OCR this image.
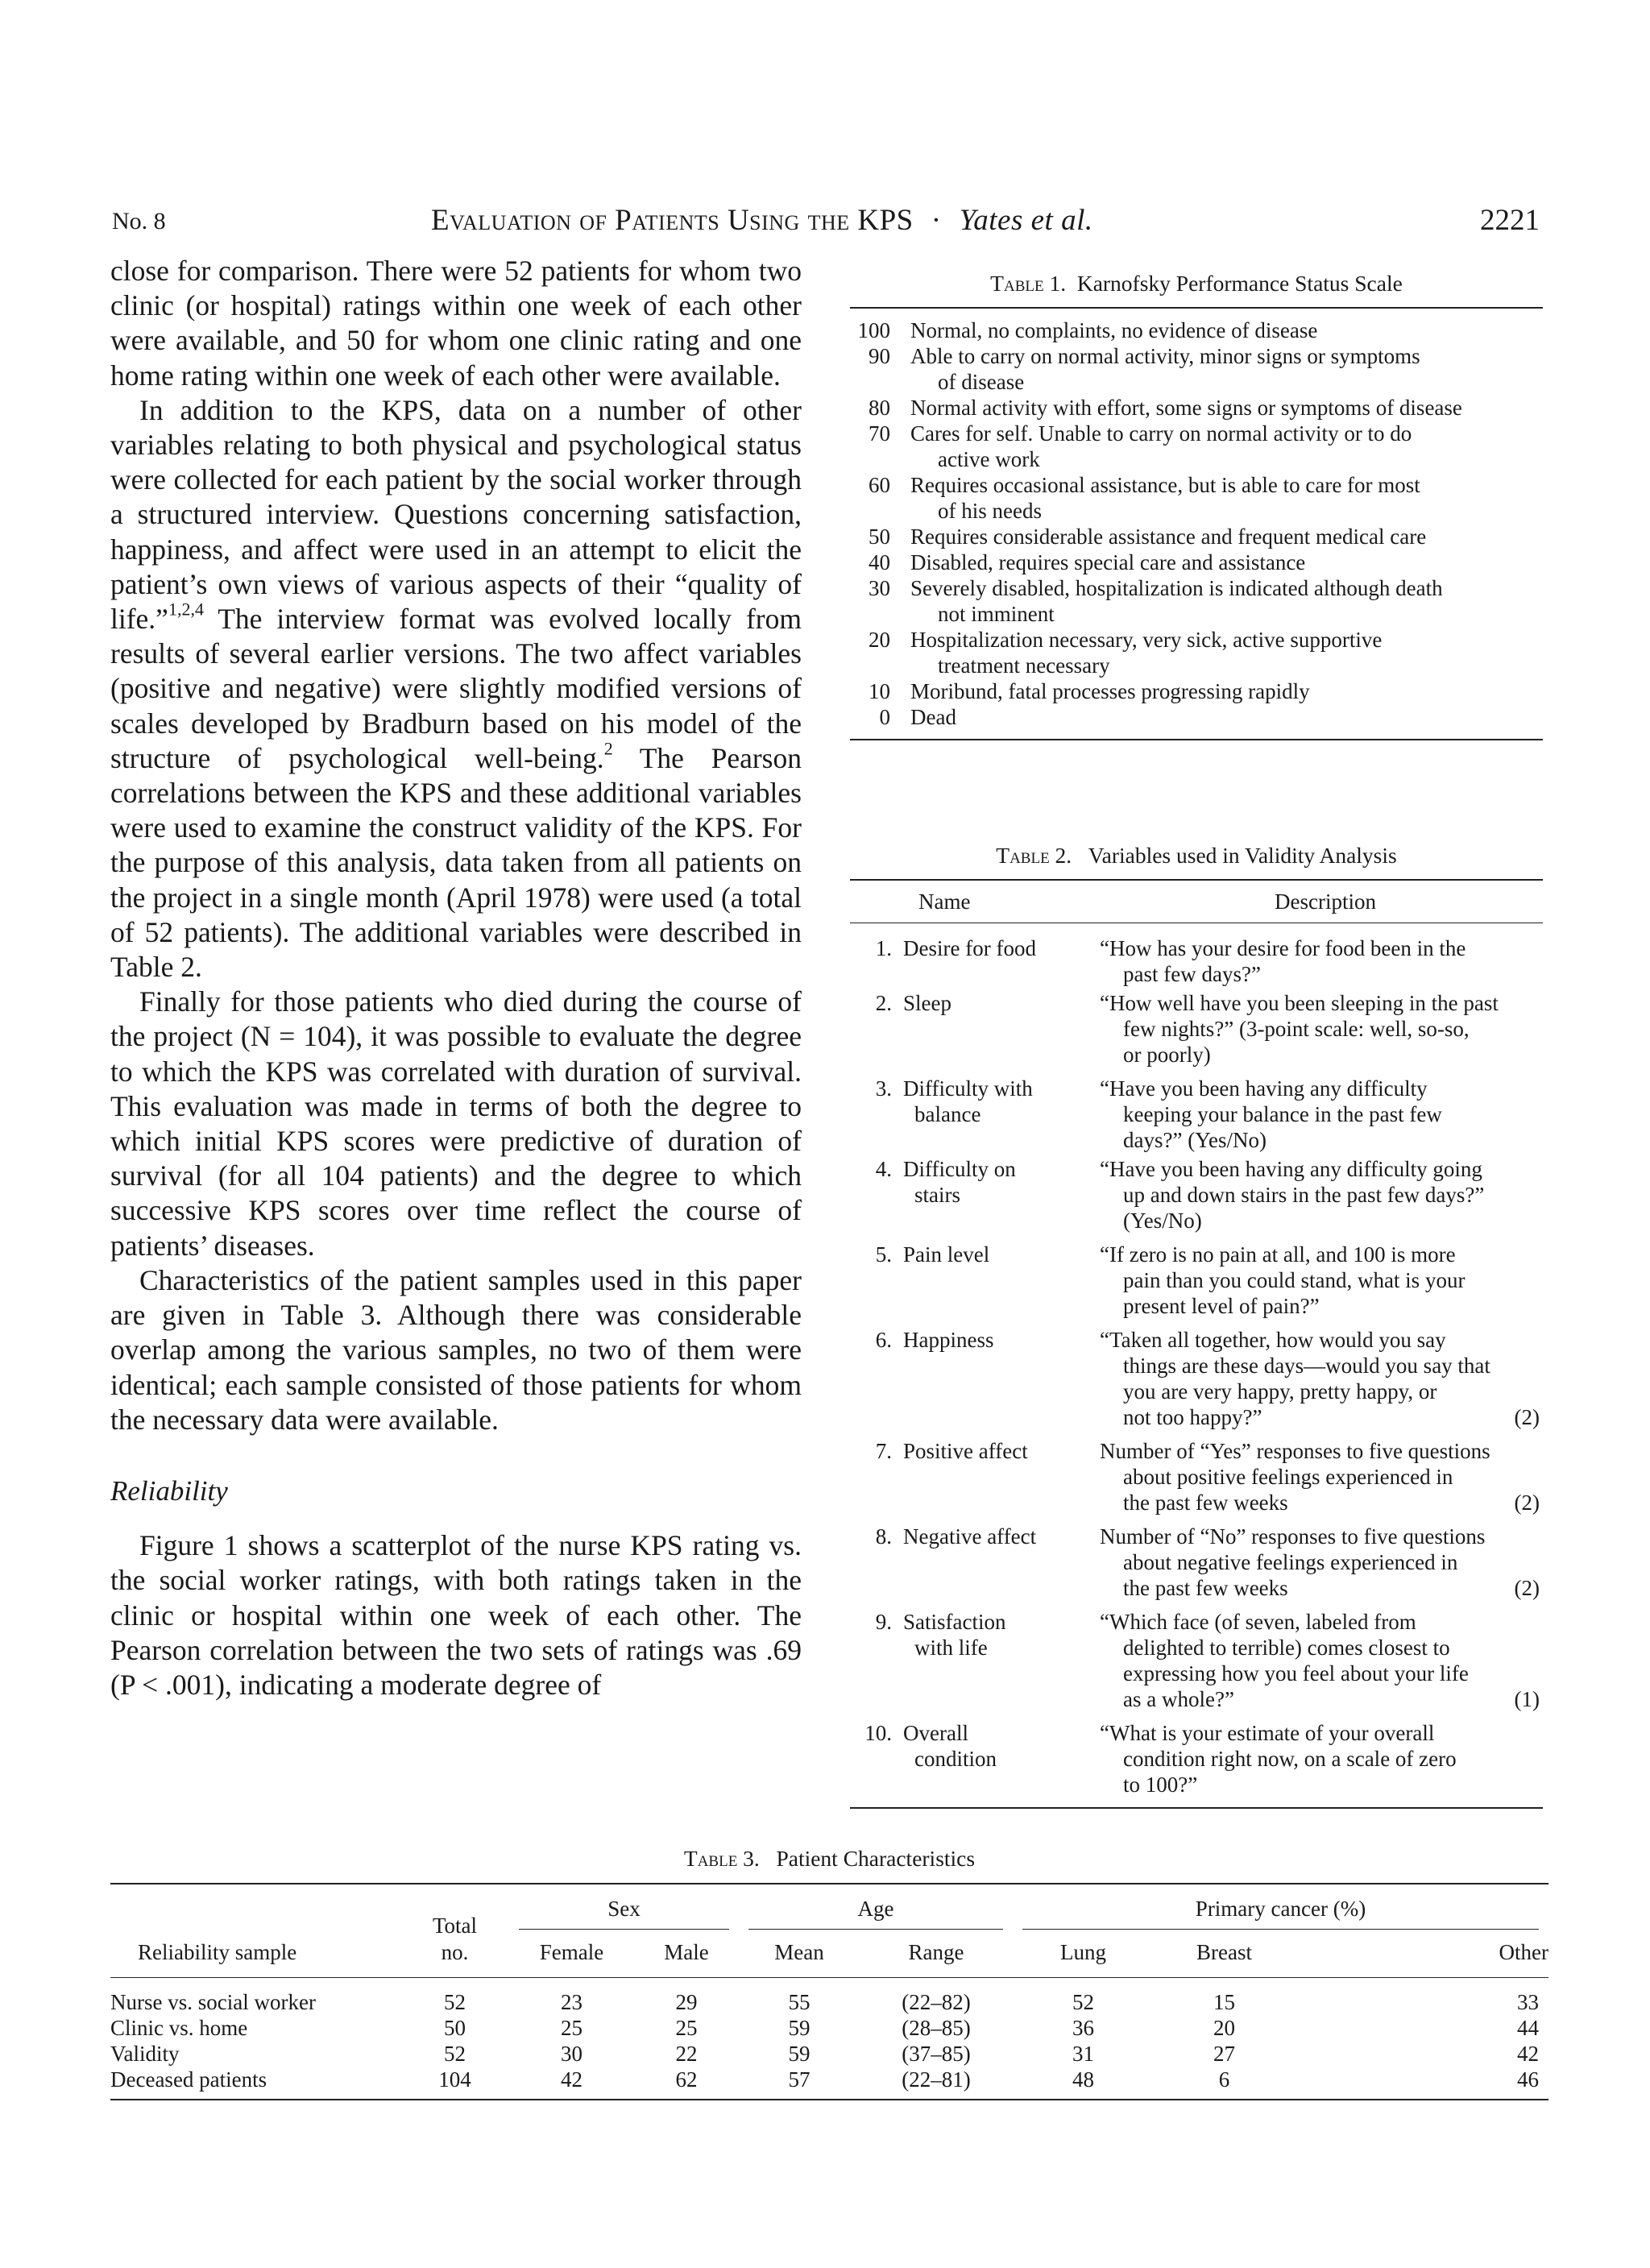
No. 8	Evaluation of Patients Using the KPS · Yates et al.	2221

close for comparison. There were 52 patients for whom two clinic (or hospital) ratings within one week of each other were available, and 50 for whom one clinic rating and one home rating within one week of each other were available.

In addition to the KPS, data on a number of other variables relating to both physical and psychological status were collected for each patient by the social worker through a structured interview. Questions concerning satisfaction, happiness, and affect were used in an attempt to elicit the patient’s own views of various aspects of their “quality of life.”$^{1,2,4}$ The interview format was evolved locally from results of several earlier versions. The two affect variables (positive and negative) were slightly modified versions of scales developed by Bradburn based on his model of the structure of psychological well-being.$^2$ The Pearson correlations between the KPS and these additional variables were used to examine the construct validity of the KPS. For the purpose of this analysis, data taken from all patients on the project in a single month (April 1978) were used (a total of 52 patients). The additional variables were described in Table 2.

Finally for those patients who died during the course of the project (N = 104), it was possible to evaluate the degree to which the KPS was correlated with duration of survival. This evaluation was made in terms of both the degree to which initial KPS scores were predictive of duration of survival (for all 104 patients) and the degree to which successive KPS scores over time reflect the course of patients’ diseases.

Characteristics of the patient samples used in this paper are given in Table 3. Although there was considerable overlap among the various samples, no two of them were identical; each sample consisted of those patients for whom the necessary data were available.

Reliability

Figure 1 shows a scatterplot of the nurse KPS rating vs. the social worker ratings, with both ratings taken in the clinic or hospital within one week of each other. The Pearson correlation between the two sets of ratings was .69 (P < .001), indicating a moderate degree of

Table 1. Karnofsky Performance Status Scale
100 Normal, no complaints, no evidence of disease
90 Able to carry on normal activity, minor signs or symptoms
of disease
80 Normal activity with effort, some signs or symptoms of disease
70 Cares for self. Unable to carry on normal activity or to do
active work
60 Requires occasional assistance, but is able to care for most
of his needs
50 Requires considerable assistance and frequent medical care
40 Disabled, requires special care and assistance
30 Severely disabled, hospitalization is indicated although death
not imminent
20 Hospitalization necessary, very sick, active supportive
treatment necessary
10 Moribund, fatal processes progressing rapidly
0 Dead
Table 2. Variables used in Validity Analysis
Name	Description
1. Desire for food	“How has your desire for food been in the
past few days?”
2. Sleep	“How well have you been sleeping in the past
few nights?” (3-point scale: well, so-so,
or poorly)
3. Difficulty with
balance
“Have you been having any difficulty
keeping your balance in the past few
days?” (Yes/No)
4. Difficulty on
stairs
“Have you been having any difficulty going
up and down stairs in the past few days?”
(Yes/No)
5. Pain level	“If zero is no pain at all, and 100 is more
pain than you could stand, what is your
present level of pain?”
6. Happiness	“Taken all together, how would you say
things are these days—would you say that
you are very happy, pretty happy, or
(2)
not too happy?”
7. Positive affect	Number of “Yes” responses to five questions
about positive feelings experienced in
(2)
the past few weeks
8. Negative affect	Number of “No” responses to five questions
about negative feelings experienced in
(2)
the past few weeks
9. Satisfaction
with life
“Which face (of seven, labeled from
delighted to terrible) comes closest to
expressing how you feel about your life
(1)
as a whole?”
10. Overall
condition
“What is your estimate of your overall
condition right now, on a scale of zero
to 100?”
Table 3. Patient Characteristics

		Sex		Age		Primary cancer (%)		

Reliability sample	Total
no.	Female	Male	Mean	Range	Lung	Breast	Other
Nurse vs. social worker	52	23	29	55	(22–82)	52	15	33
Clinic vs. home	50	25	25	59	(28–85)	36	20	44
Validity	52	30	22	59	(37–85)	31	27	42
Deceased patients	104	42	62	57	(22–81)	48	6	46
